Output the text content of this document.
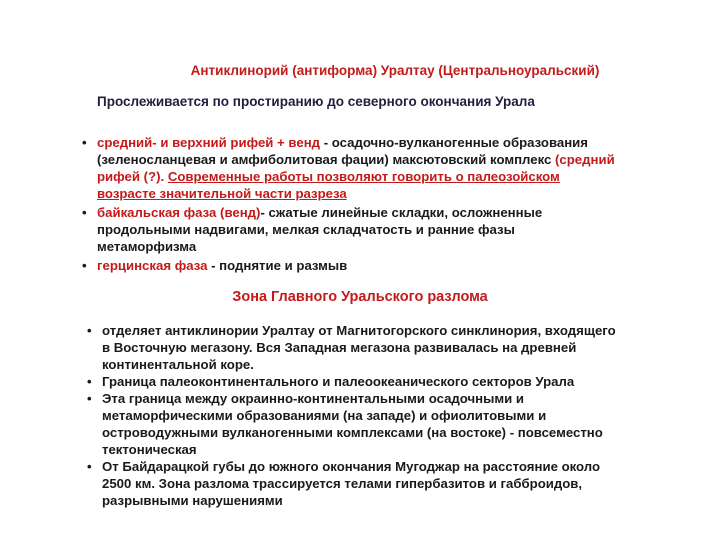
Антиклинорий (антиформа) Уралтау (Центральноуральский)
Прослеживается по простиранию до северного окончания Урала
• средний- и верхний рифей + венд - осадочно-вулканогенные образования (зеленосланцевая и амфиболитовая фации) максютовский комплекс (средний рифей (?). Современные работы позволяют говорить о палеозойском возрасте значительной части разреза
• байкальская фаза (венд)- сжатые линейные складки, осложненные продольными надвигами, мелкая складчатость и ранние фазы метаморфизма
• герцинская фаза - поднятие и размыв
Зона Главного Уральского разлома
• отделяет антиклинории Уралтау от Магнитогорского синклинория, входящего в Восточную мегазону. Вся Западная мегазона развивалась на древней континентальной коре.
• Граница палеоконтинентального и палеоокеанического секторов Урала
• Эта граница между окраинно-континентальными осадочными и метаморфическими образованиями (на западе) и офиолитовыми и островодужными вулканогенными комплексами (на востоке) - повсеместно тектоническая
• От Байдарацкой губы до южного окончания Мугоджар на расстояние около 2500 км. Зона разлома трассируется телами гипербазитов и габброидов, разрывными нарушениями
